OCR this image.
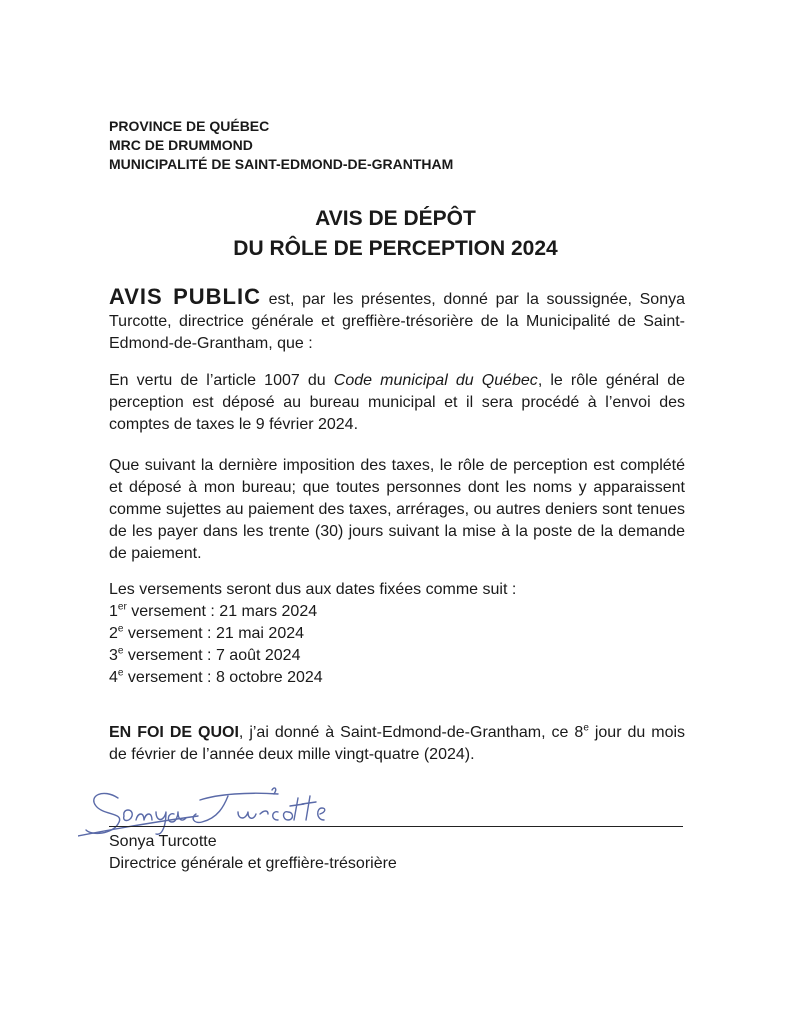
PROVINCE DE QUÉBEC
MRC DE DRUMMOND
MUNICIPALITÉ DE SAINT-EDMOND-DE-GRANTHAM
AVIS DE DÉPÔT
DU RÔLE DE PERCEPTION 2024
AVIS PUBLIC est, par les présentes, donné par la soussignée, Sonya Turcotte, directrice générale et greffière-trésorière de la Municipalité de Saint-Edmond-de-Grantham, que :
En vertu de l’article 1007 du Code municipal du Québec, le rôle général de perception est déposé au bureau municipal et il sera procédé à l’envoi des comptes de taxes le 9 février 2024.
Que suivant la dernière imposition des taxes, le rôle de perception est complété et déposé à mon bureau; que toutes personnes dont les noms y apparaissent comme sujettes au paiement des taxes, arrérages, ou autres deniers sont tenues de les payer dans les trente (30) jours suivant la mise à la poste de la demande de paiement.
Les versements seront dus aux dates fixées comme suit :
1er versement : 21 mars 2024
2e versement : 21 mai 2024
3e versement : 7 août 2024
4e versement : 8 octobre 2024
EN FOI DE QUOI, j’ai donné à Saint-Edmond-de-Grantham, ce 8e jour du mois de février de l’année deux mille vingt-quatre (2024).
Sonya Turcotte
Directrice générale et greffière-trésorière
